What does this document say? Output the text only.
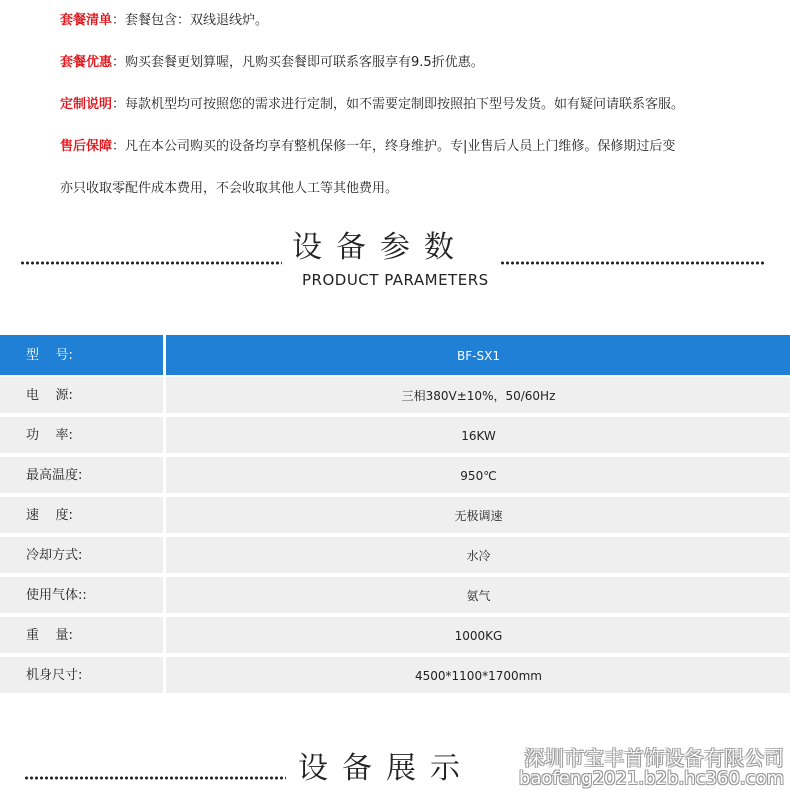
套餐清单：套餐包含：双线退线炉。
套餐优惠：购买套餐更划算喔，凡购买套餐即可联系客服享有9.5折优惠。
定制说明：每款机型均可按照您的需求进行定制，如不需要定制即按照拍下型号发货。如有疑问请联系客服。
售后保障：凡在本公司购买的设备均享有整机保修一年，终身维护。专|业售后人员上门维修。保修期过后变
亦只收取零配件成本费用，不会收取其他人工等其他费用。
设备参数
PRODUCT PARAMETERS
型    号:	BF-SX1
电    源:	三相380V±10%，50/60Hz
功    率:	16KW
最高温度:	950℃
速    度:	无极调速
冷却方式:	水冷
使用气体::	氨气
重    量:	1000KG
机身尺寸:	4500*1100*1700mm
设备展示	深圳市宝丰首饰设备有限公司
baofeng2021.b2b.hc360.com
